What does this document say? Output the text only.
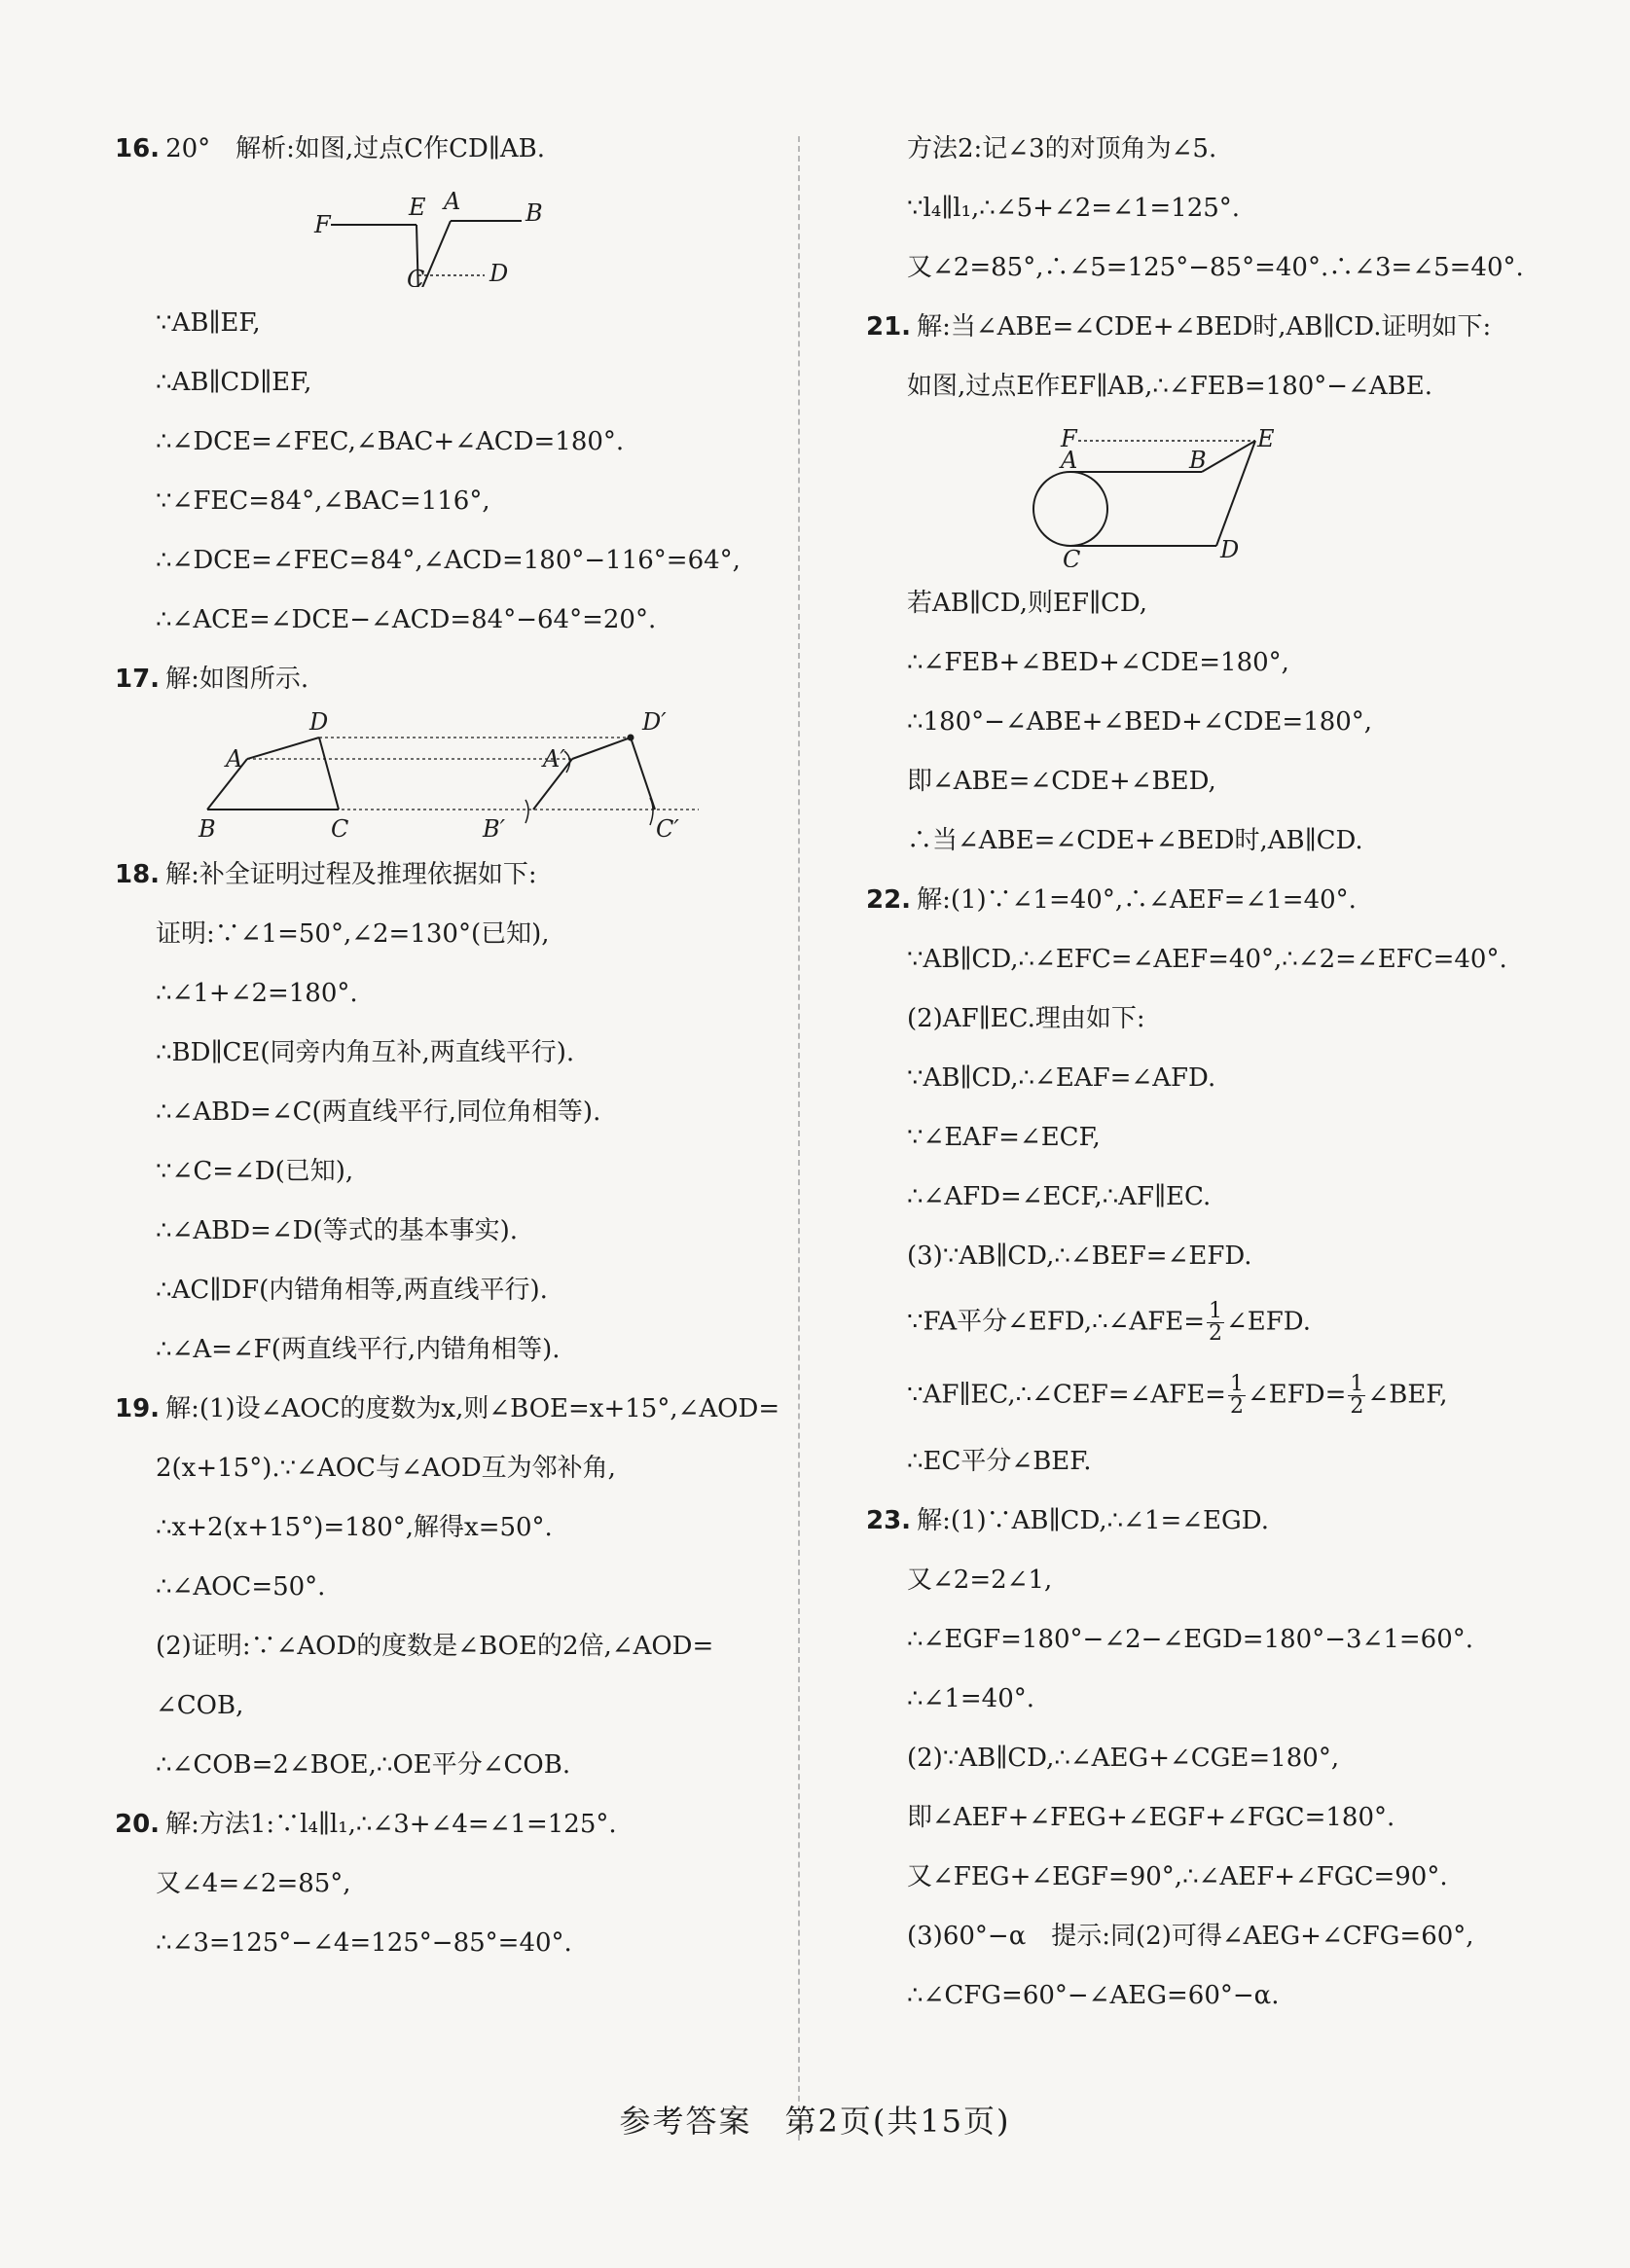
16. 20°　解析:如图,过点C作CD∥AB.
F
E A	B
C	D
∵AB∥EF,
∴AB∥CD∥EF,
∴∠DCE=∠FEC,∠BAC+∠ACD=180°.
∵∠FEC=84°,∠BAC=116°,
∴∠DCE=∠FEC=84°,∠ACD=180°−116°=64°,
∴∠ACE=∠DCE−∠ACD=84°−64°=20°.
17. 解:如图所示.
D
A
B	C
D′
A′
B′	C′
18. 解:补全证明过程及推理依据如下:
证明:∵∠1=50°,∠2=130°(已知),
∴∠1+∠2=180°.
∴BD∥CE(同旁内角互补,两直线平行).
∴∠ABD=∠C(两直线平行,同位角相等).
∵∠C=∠D(已知),
∴∠ABD=∠D(等式的基本事实).
∴AC∥DF(内错角相等,两直线平行).
∴∠A=∠F(两直线平行,内错角相等).
19. 解:(1)设∠AOC的度数为x,则∠BOE=x+15°,∠AOD=
2(x+15°).∵∠AOC与∠AOD互为邻补角,
∴x+2(x+15°)=180°,解得x=50°.
∴∠AOC=50°.
(2)证明:∵∠AOD的度数是∠BOE的2倍,∠AOD=
∠COB,
∴∠COB=2∠BOE,∴OE平分∠COB.
20. 解:方法1:∵l₄∥l₁,∴∠3+∠4=∠1=125°.
又∠4=∠2=85°,
∴∠3=125°−∠4=125°−85°=40°.
方法2:记∠3的对顶角为∠5.
∵l₄∥l₁,∴∠5+∠2=∠1=125°.
又∠2=85°,∴∠5=125°−85°=40°.∴∠3=∠5=40°.
21. 解:当∠ABE=∠CDE+∠BED时,AB∥CD.证明如下:
如图,过点E作EF∥AB,∴∠FEB=180°−∠ABE.
F	E
A	B
C	D
若AB∥CD,则EF∥CD,
∴∠FEB+∠BED+∠CDE=180°,
∴180°−∠ABE+∠BED+∠CDE=180°,
即∠ABE=∠CDE+∠BED,
∴当∠ABE=∠CDE+∠BED时,AB∥CD.
22. 解:(1)∵∠1=40°,∴∠AEF=∠1=40°.
∵AB∥CD,∴∠EFC=∠AEF=40°,∴∠2=∠EFC=40°.
(2)AF∥EC.理由如下:
∵AB∥CD,∴∠EAF=∠AFD.
∵∠EAF=∠ECF,
∴∠AFD=∠ECF,∴AF∥EC.
(3)∵AB∥CD,∴∠BEF=∠EFD.
∵FA平分∠EFD,∴∠AFE= $\frac{1}{2}$ ∠EFD.
∵AF∥EC,∴∠CEF=∠AFE= $\frac{1}{2}$ ∠EFD= $\frac{1}{2}$ ∠BEF,
∴EC平分∠BEF.
23. 解:(1)∵AB∥CD,∴∠1=∠EGD.
又∠2=2∠1,
∴∠EGF=180°−∠2−∠EGD=180°−3∠1=60°.
∴∠1=40°.
(2)∵AB∥CD,∴∠AEG+∠CGE=180°,
即∠AEF+∠FEG+∠EGF+∠FGC=180°.
又∠FEG+∠EGF=90°,∴∠AEF+∠FGC=90°.
(3)60°−α　提示:同(2)可得∠AEG+∠CFG=60°,
∴∠CFG=60°−∠AEG=60°−α.
参考答案　第2页(共15页)
